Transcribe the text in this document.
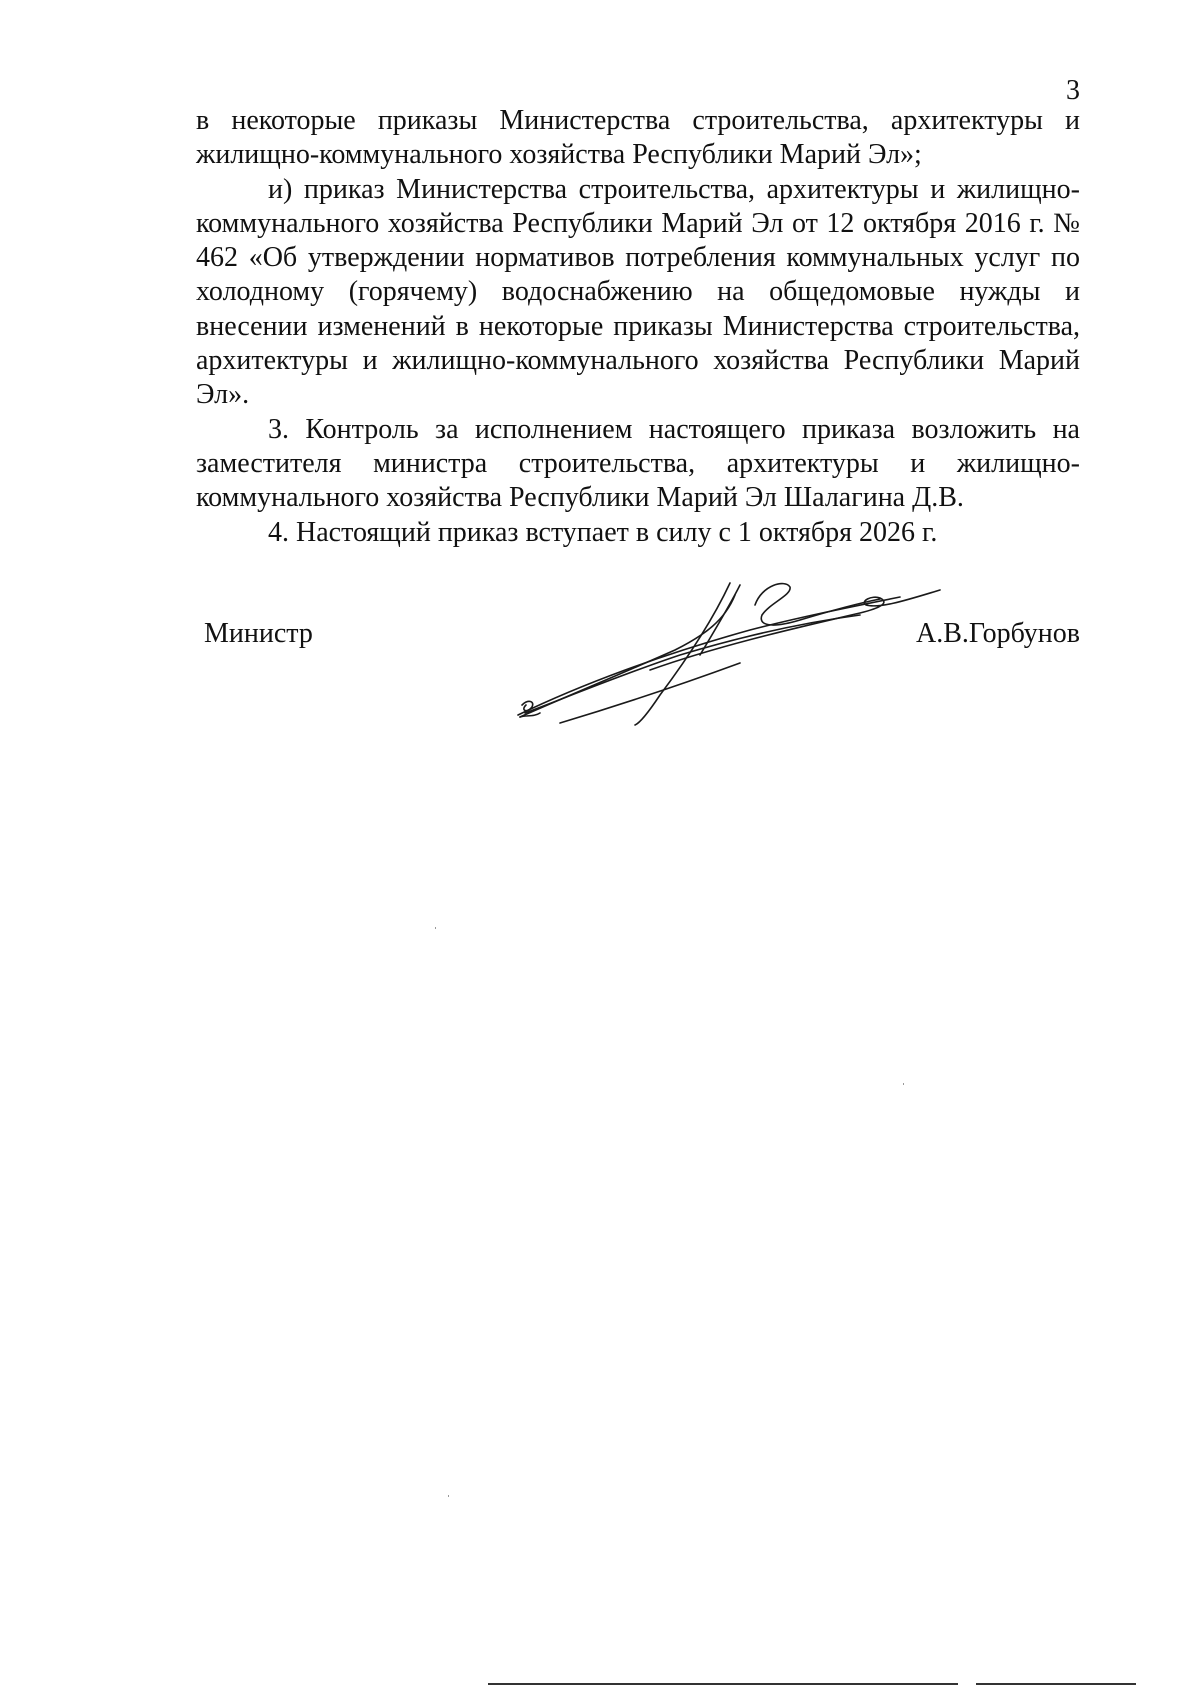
3

в некоторые приказы Министерства строительства, архитектуры и жилищно-коммунального хозяйства Республики Марий Эл»;

и) приказ Министерства строительства, архитектуры и жилищно-коммунального хозяйства Республики Марий Эл от 12 октября 2016 г. № 462 «Об утверждении нормативов потребления коммунальных услуг по холодному (горячему) водоснабжению на общедомовые нужды и внесении изменений в некоторые приказы Министерства строительства, архитектуры и жилищно-коммунального хозяйства Республики Марий Эл».

3. Контроль за исполнением настоящего приказа возложить на заместителя министра строительства, архитектуры и жилищно-коммунального хозяйства Республики Марий Эл Шалагина Д.В.

4. Настоящий приказ вступает в силу с 1 октября 2026 г.

Министр	А.В.Горбунов
